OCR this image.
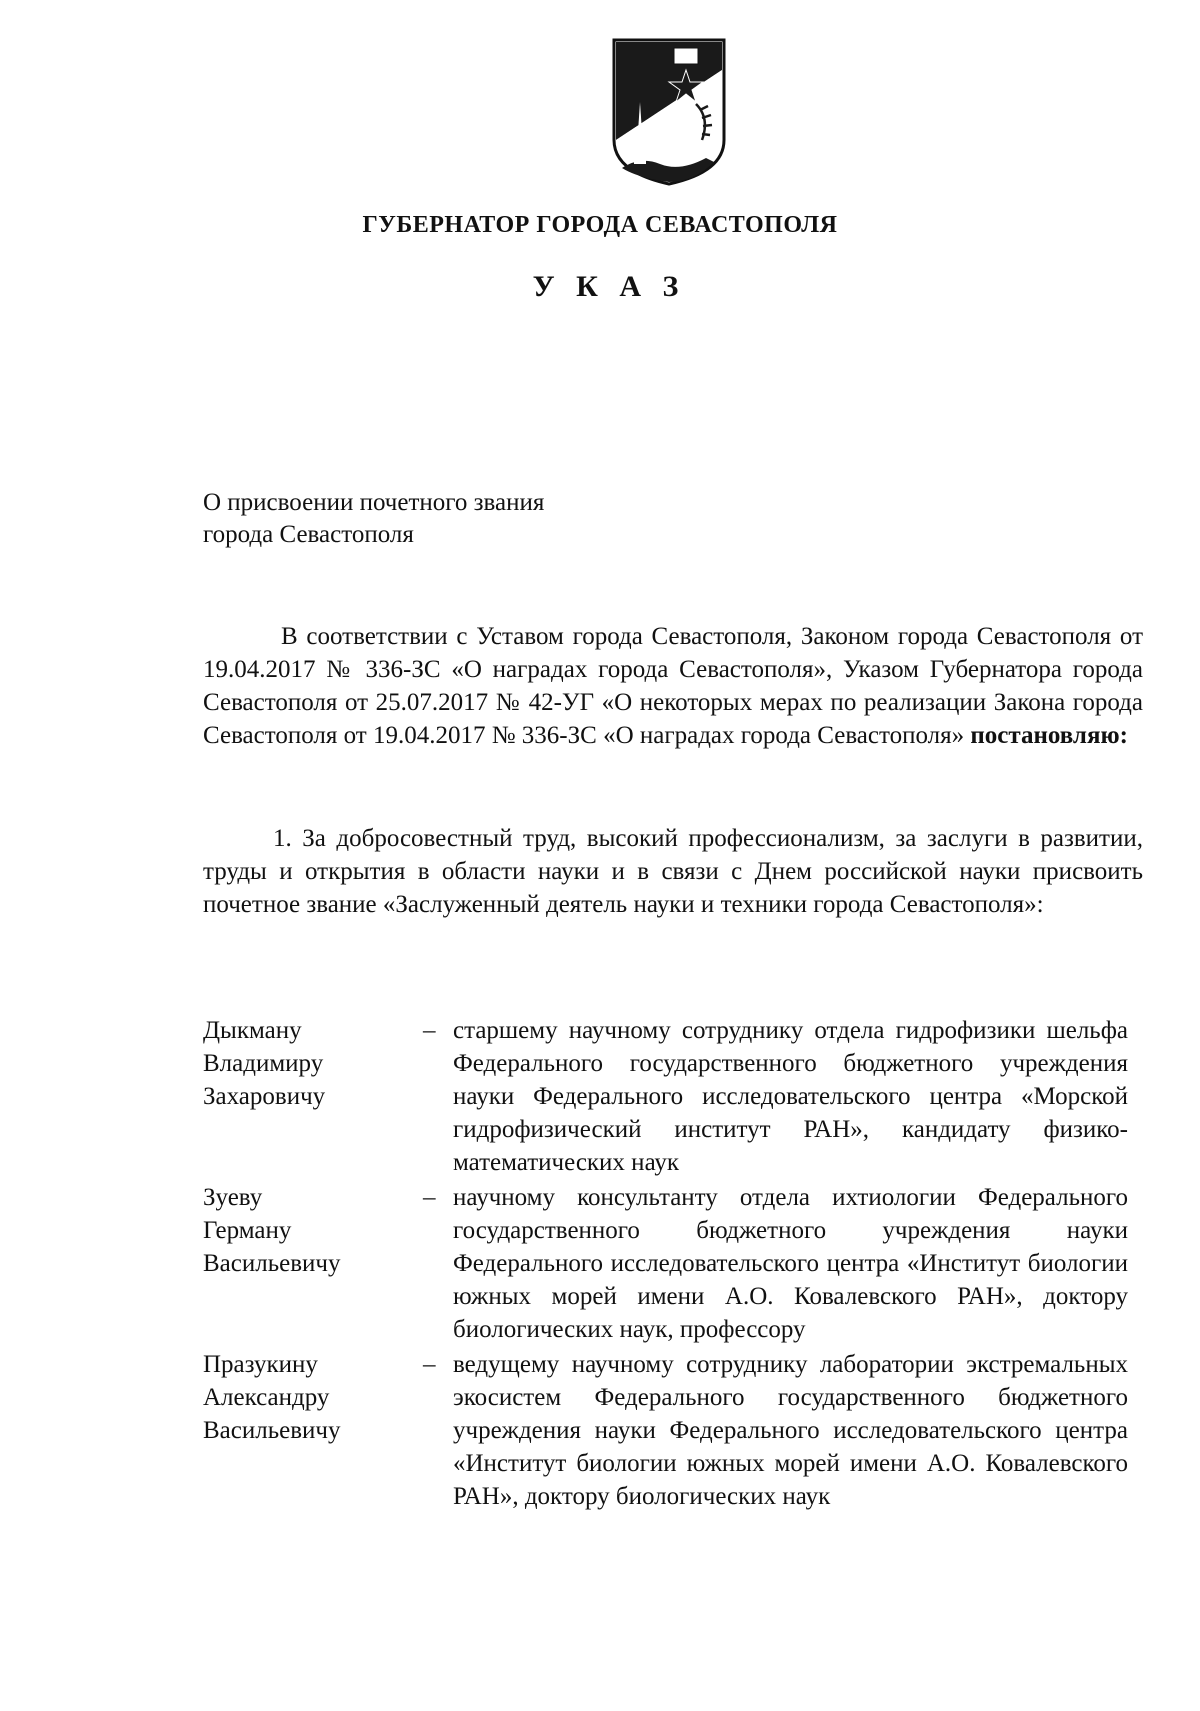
ГУБЕРНАТОР ГОРОДА СЕВАСТОПОЛЯ
У К А З
О присвоении почетного звания
города Севастополя
В соответствии с Уставом города Севастополя, Законом города Севастополя от 19.04.2017 № 336-ЗС «О наградах города Севастополя», Указом Губернатора города Севастополя от 25.07.2017 № 42-УГ «О некоторых мерах по реализации Закона города Севастополя от 19.04.2017 № 336-ЗС «О наградах города Севастополя» постановляю:
1. За добросовестный труд, высокий профессионализм, за заслуги в развитии, труды и открытия в области науки и в связи с Днем российской науки присвоить почетное звание «Заслуженный деятель науки и техники города Севастополя»:
Дыкману
Владимиру
Захаровичу
– старшему научному сотруднику отдела гидрофизики шельфа Федерального государственного бюджетного учреждения науки Федерального исследовательского центра «Морской гидрофизический институт РАН», кандидату физико-математических наук
Зуеву
Герману
Васильевичу
– научному консультанту отдела ихтиологии Федерального государственного бюджетного учреждения науки Федерального исследовательского центра «Институт биологии южных морей имени А.О. Ковалевского РАН», доктору биологических наук, профессору
Празукину
Александру
Васильевичу
– ведущему научному сотруднику лаборатории экстремальных экосистем Федерального государственного бюджетного учреждения науки Федерального исследовательского центра «Институт биологии южных морей имени А.О. Ковалевского РАН», доктору биологических наук
